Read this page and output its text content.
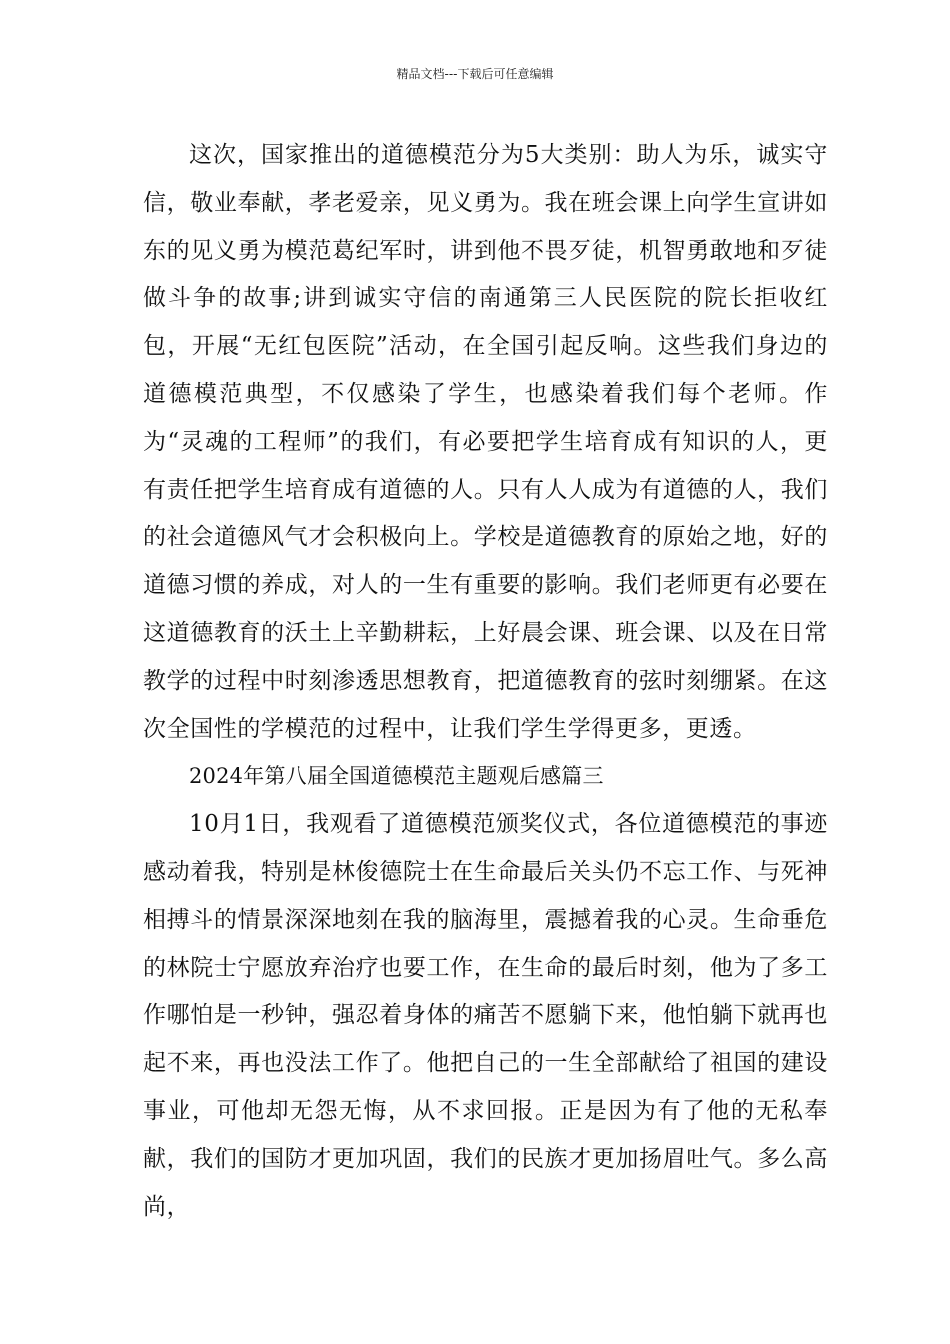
精品文档---下载后可任意编辑

这次，国家推出的道德模范分为5大类别：助人为乐，诚实守信，敬业奉献，孝老爱亲，见义勇为。我在班会课上向学生宣讲如东的见义勇为模范葛纪军时，讲到他不畏歹徒，机智勇敢地和歹徒做斗争的故事;讲到诚实守信的南通第三人民医院的院长拒收红包，开展“无红包医院”活动，在全国引起反响。这些我们身边的道德模范典型，不仅感染了学生，也感染着我们每个老师。作为“灵魂的工程师”的我们，有必要把学生培育成有知识的人，更有责任把学生培育成有道德的人。只有人人成为有道德的人，我们的社会道德风气才会积极向上。学校是道德教育的原始之地，好的道德习惯的养成，对人的一生有重要的影响。我们老师更有必要在这道德教育的沃土上辛勤耕耘，上好晨会课、班会课、以及在日常教学的过程中时刻渗透思想教育，把道德教育的弦时刻绷紧。在这次全国性的学模范的过程中，让我们学生学得更多，更透。

2024年第八届全国道德模范主题观后感篇三

10月1日，我观看了道德模范颁奖仪式，各位道德模范的事迹感动着我，特别是林俊德院士在生命最后关头仍不忘工作、与死神相搏斗的情景深深地刻在我的脑海里，震撼着我的心灵。生命垂危的林院士宁愿放弃治疗也要工作，在生命的最后时刻，他为了多工作哪怕是一秒钟，强忍着身体的痛苦不愿躺下来，他怕躺下就再也起不来，再也没法工作了。他把自己的一生全部献给了祖国的建设事业，可他却无怨无悔，从不求回报。正是因为有了他的无私奉献，我们的国防才更加巩固，我们的民族才更加扬眉吐气。多么高尚，
